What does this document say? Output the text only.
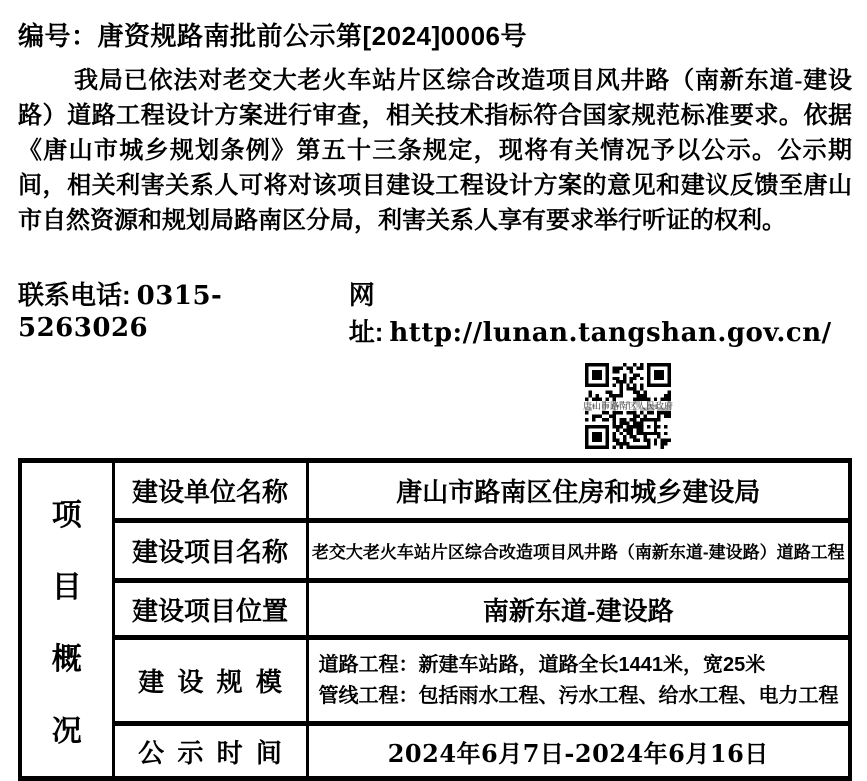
编号：唐资规路南批前公示第[2024]0006号
我局已依法对老交大老火车站片区综合改造项目风井路（南新东道-建设路）道路工程设计方案进行审查，相关技术指标符合国家规范标准要求。依据《唐山市城乡规划条例》第五十三条规定，现将有关情况予以公示。公示期间，相关利害关系人可将对该项目建设工程设计方案的意见和建议反馈至唐山市自然资源和规划局路南区分局，利害关系人享有要求举行听证的权利。
联系电话: 0315-5263026
网址: http://lunan.tangshan.gov.cn/
唐山市路南区人民政府
项
目
概
况	建设单位名称	唐山市路南区住房和城乡建设局
	建设项目名称	老交大老火车站片区综合改造项目风井路（南新东道-建设路）道路工程
	建设项目位置	南新东道-建设路
	建 设 规 模	道路工程：新建车站路，道路全长1441米，宽25米
管线工程：包括雨水工程、污水工程、给水工程、电力工程

	公 示 时 间	2024年6月7日-2024年6月16日
